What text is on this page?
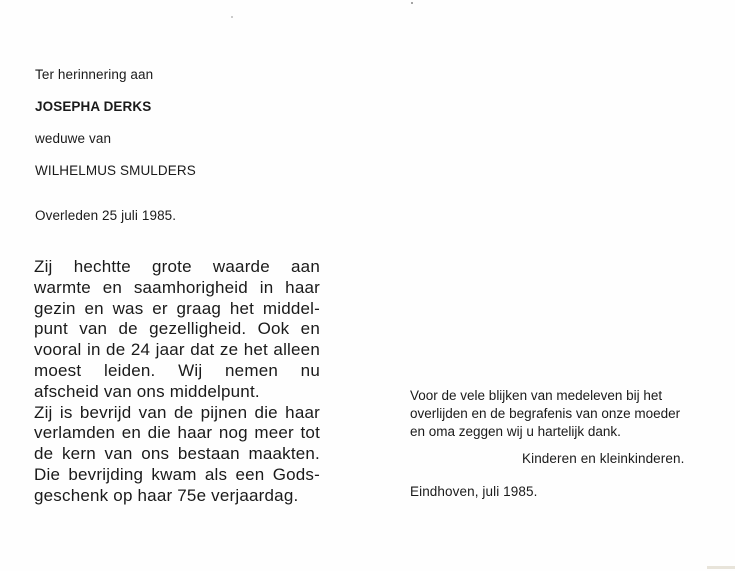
Ter herinnering aan
JOSEPHA DERKS
weduwe van
WILHELMUS SMULDERS
Overleden 25 juli 1985.
Zij hechtte grote waarde aan
warmte en saamhorigheid in haar
gezin en was er graag het middel-
punt van de gezelligheid. Ook en
vooral in de 24 jaar dat ze het alleen
moest leiden. Wij nemen nu
afscheid van ons middelpunt.
Zij is bevrijd van de pijnen die haar
verlamden en die haar nog meer tot
de kern van ons bestaan maakten.
Die bevrijding kwam als een Gods-
geschenk op haar 75e verjaardag.
Voor de vele blijken van medeleven bij het
overlijden en de begrafenis van onze moeder
en oma zeggen wij u hartelijk dank.
Kinderen en kleinkinderen.
Eindhoven, juli 1985.
